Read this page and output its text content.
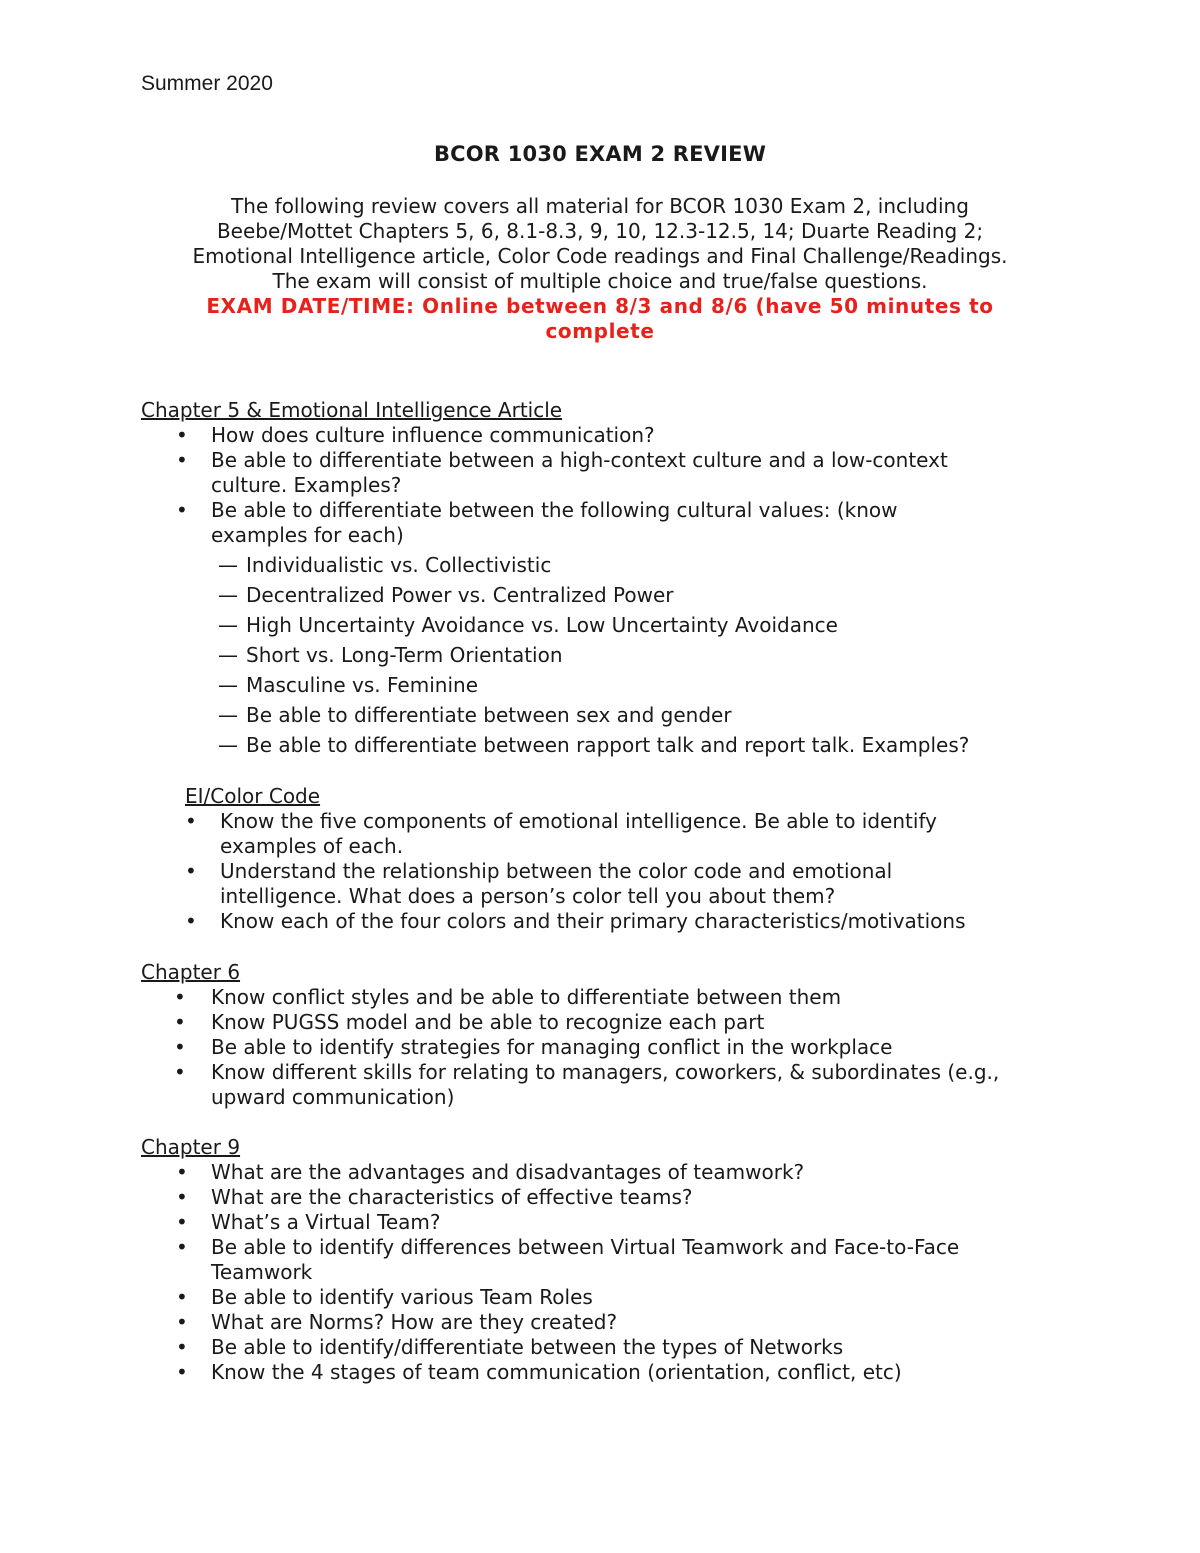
Summer 2020
BCOR 1030 EXAM 2 REVIEW
The following review covers all material for BCOR 1030 Exam 2, including
Beebe/Mottet Chapters 5, 6, 8.1-8.3, 9, 10, 12.3-12.5, 14; Duarte Reading 2;
Emotional Intelligence article, Color Code readings and Final Challenge/Readings.
The exam will consist of multiple choice and true/false questions.
EXAM DATE/TIME: Online between 8/3 and 8/6 (have 50 minutes to complete
Chapter 5 & Emotional Intelligence Article
• How does culture influence communication?
• Be able to differentiate between a high-context culture and a low-context culture. Examples?
• Be able to differentiate between the following cultural values: (know examples for each)
— Individualistic vs. Collectivistic
— Decentralized Power vs. Centralized Power
— High Uncertainty Avoidance vs. Low Uncertainty Avoidance
— Short vs. Long-Term Orientation
— Masculine vs. Feminine
— Be able to differentiate between sex and gender
— Be able to differentiate between rapport talk and report talk. Examples?
EI/Color Code
• Know the five components of emotional intelligence. Be able to identify examples of each.
• Understand the relationship between the color code and emotional intelligence. What does a person’s color tell you about them?
• Know each of the four colors and their primary characteristics/motivations
Chapter 6
• Know conflict styles and be able to differentiate between them
• Know PUGSS model and be able to recognize each part
• Be able to identify strategies for managing conflict in the workplace
• Know different skills for relating to managers, coworkers, & subordinates (e.g., upward communication)
Chapter 9
• What are the advantages and disadvantages of teamwork?
• What are the characteristics of effective teams?
• What’s a Virtual Team?
• Be able to identify differences between Virtual Teamwork and Face-to-Face Teamwork
• Be able to identify various Team Roles
• What are Norms? How are they created?
• Be able to identify/differentiate between the types of Networks
• Know the 4 stages of team communication (orientation, conflict, etc)
